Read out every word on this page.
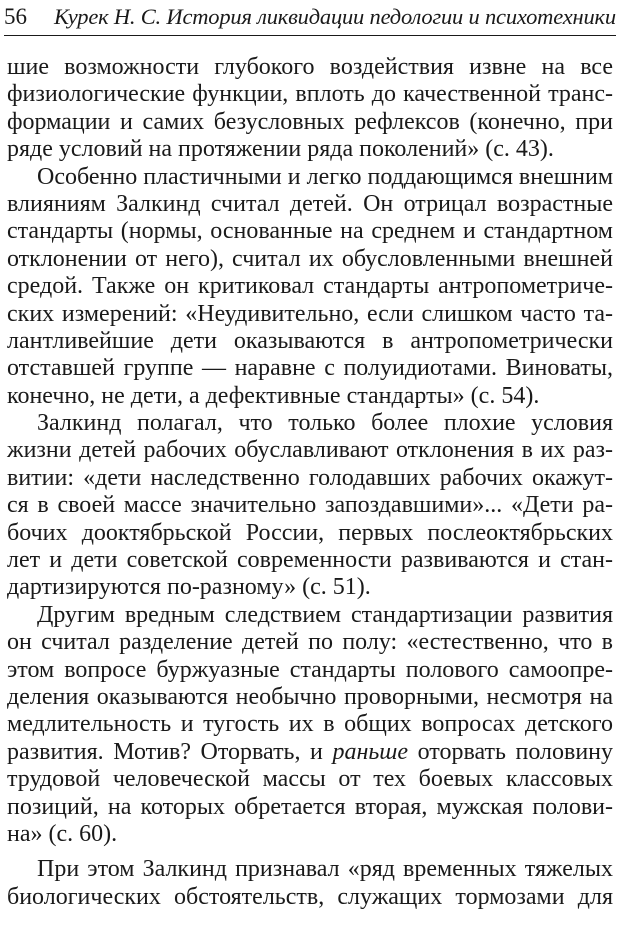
56 Курек Н. С. История ликвидации педологии и психотехники
шие возможности глубокого воздействия извне на все
физиологические функции, вплоть до качественной транс-
формации и самих безусловных рефлексов (конечно, при
ряде условий на протяжении ряда поколений» (с. 43).
Особенно пластичными и легко поддающимся внешним
влияниям Залкинд считал детей. Он отрицал возрастные
стандарты (нормы, основанные на среднем и стандартном
отклонении от него), считал их обусловленными внешней
средой. Также он критиковал стандарты антропометриче-
ских измерений: «Неудивительно, если слишком часто та-
лантливейшие дети оказываются в антропометрически
отставшей группе — наравне с полуидиотами. Виноваты,
конечно, не дети, а дефективные стандарты» (с. 54).
Залкинд полагал, что только более плохие условия
жизни детей рабочих обуславливают отклонения в их раз-
витии: «дети наследственно голодавших рабочих окажут-
ся в своей массе значительно запоздавшими»... «Дети ра-
бочих дооктябрьской России, первых послеоктябрьских
лет и дети советской современности развиваются и стан-
дартизируются по-разному» (с. 51).
Другим вредным следствием стандартизации развития
он считал разделение детей по полу: «естественно, что в
этом вопросе буржуазные стандарты полового самоопре-
деления оказываются необычно проворными, несмотря на
медлительность и тугость их в общих вопросах детского
развития. Мотив? Оторвать, и раньше оторвать половину
трудовой человеческой массы от тех боевых классовых
позиций, на которых обретается вторая, мужская полови-
на» (с. 60).
При этом Залкинд признавал «ряд временных тяжелых
биологических обстоятельств, служащих тормозами для
